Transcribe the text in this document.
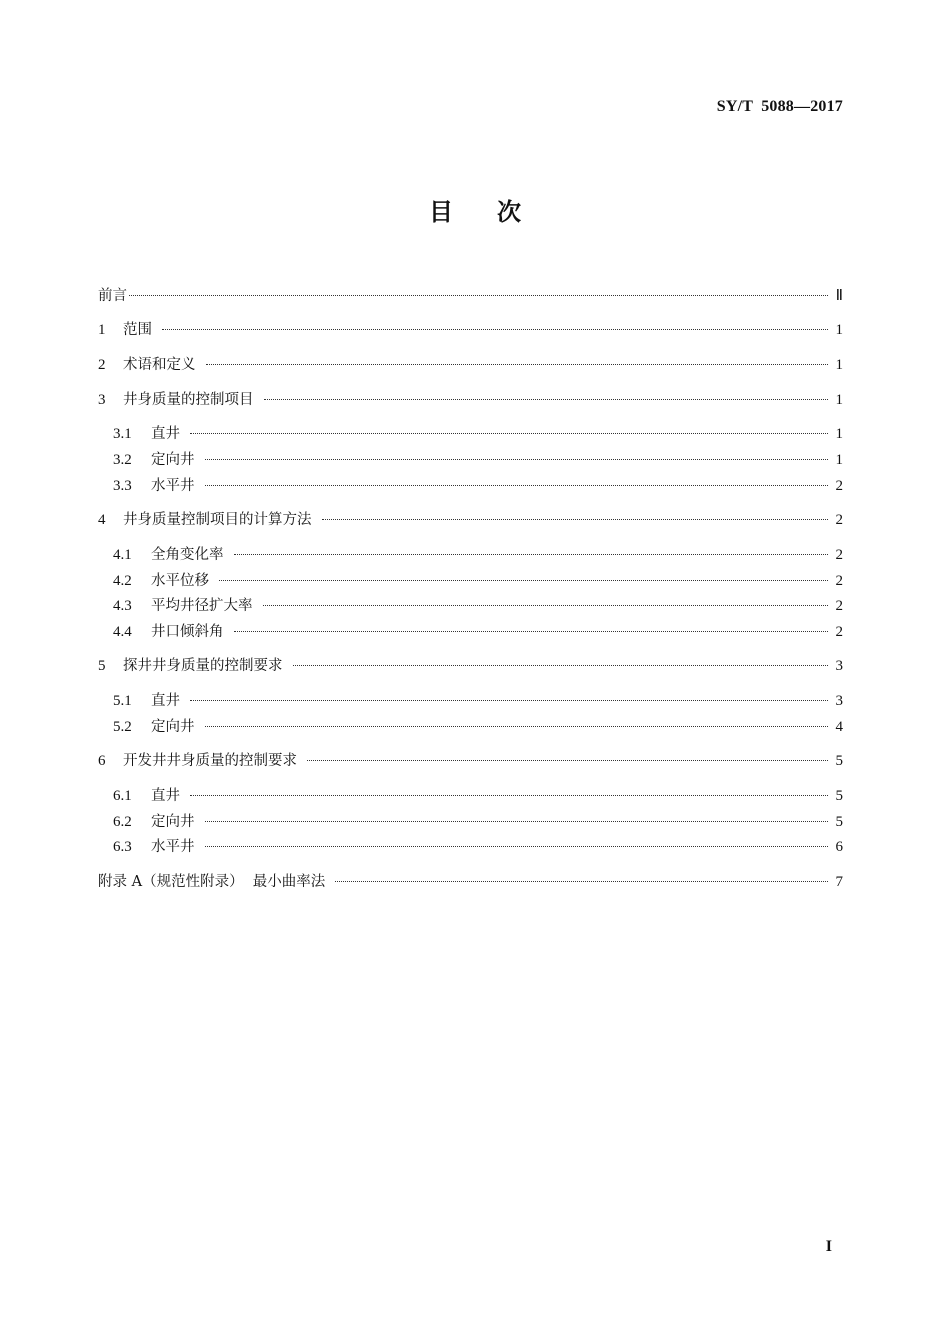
SY/T  5088—2017
目次
前言	Ⅱ
1	范围	1
2	术语和定义	1
3	井身质量的控制项目	1
3.1	直井	1
3.2	定向井	1
3.3	水平井	2
4	井身质量控制项目的计算方法	2
4.1	全角变化率	2
4.2	水平位移	2
4.3	平均井径扩大率	2
4.4	井口倾斜角	2
5	探井井身质量的控制要求	3
5.1	直井	3
5.2	定向井	4
6	开发井井身质量的控制要求	5
6.1	直井	5
6.2	定向井	5
6.3	水平井	6
附录 A（规范性附录）  最小曲率法	7
I
